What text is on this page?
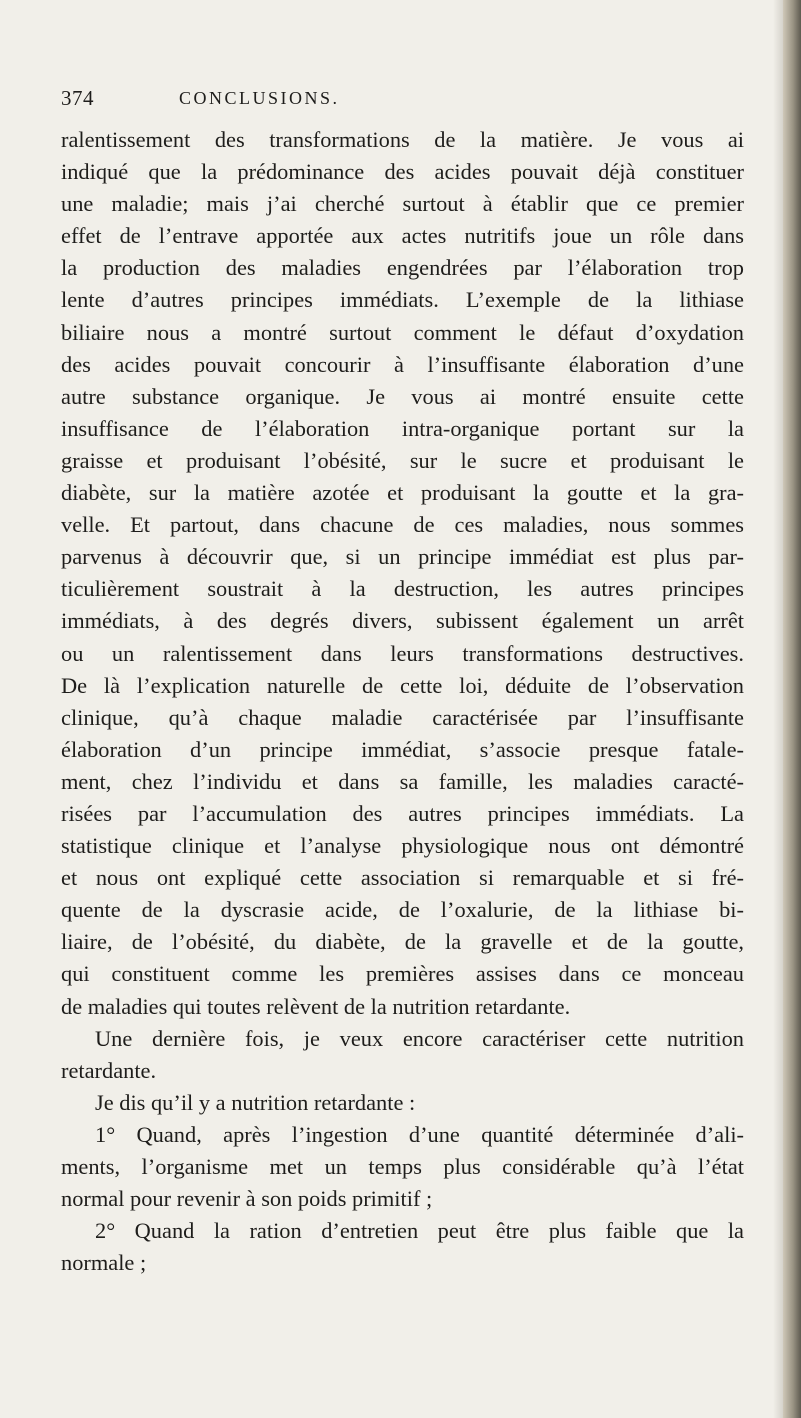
374	CONCLUSIONS.
ralentissement des transformations de la matière. Je vous ai
indiqué que la prédominance des acides pouvait déjà constituer
une maladie; mais j’ai cherché surtout à établir que ce premier
effet de l’entrave apportée aux actes nutritifs joue un rôle dans
la production des maladies engendrées par l’élaboration trop
lente d’autres principes immédiats. L’exemple de la lithiase
biliaire nous a montré surtout comment le défaut d’oxydation
des acides pouvait concourir à l’insuffisante élaboration d’une
autre substance organique. Je vous ai montré ensuite cette
insuffisance de l’élaboration intra-organique portant sur la
graisse et produisant l’obésité, sur le sucre et produisant le
diabète, sur la matière azotée et produisant la goutte et la gra-
velle. Et partout, dans chacune de ces maladies, nous sommes
parvenus à découvrir que, si un principe immédiat est plus par-
ticulièrement soustrait à la destruction, les autres principes
immédiats, à des degrés divers, subissent également un arrêt
ou un ralentissement dans leurs transformations destructives.
De là l’explication naturelle de cette loi, déduite de l’observation
clinique, qu’à chaque maladie caractérisée par l’insuffisante
élaboration d’un principe immédiat, s’associe presque fatale-
ment, chez l’individu et dans sa famille, les maladies caracté-
risées par l’accumulation des autres principes immédiats. La
statistique clinique et l’analyse physiologique nous ont démontré
et nous ont expliqué cette association si remarquable et si fré-
quente de la dyscrasie acide, de l’oxalurie, de la lithiase bi-
liaire, de l’obésité, du diabète, de la gravelle et de la goutte,
qui constituent comme les premières assises dans ce monceau
de maladies qui toutes relèvent de la nutrition retardante.
Une dernière fois, je veux encore caractériser cette nutrition
retardante.
Je dis qu’il y a nutrition retardante :
1° Quand, après l’ingestion d’une quantité déterminée d’ali-
ments, l’organisme met un temps plus considérable qu’à l’état
normal pour revenir à son poids primitif ;
2° Quand la ration d’entretien peut être plus faible que la
normale ;
